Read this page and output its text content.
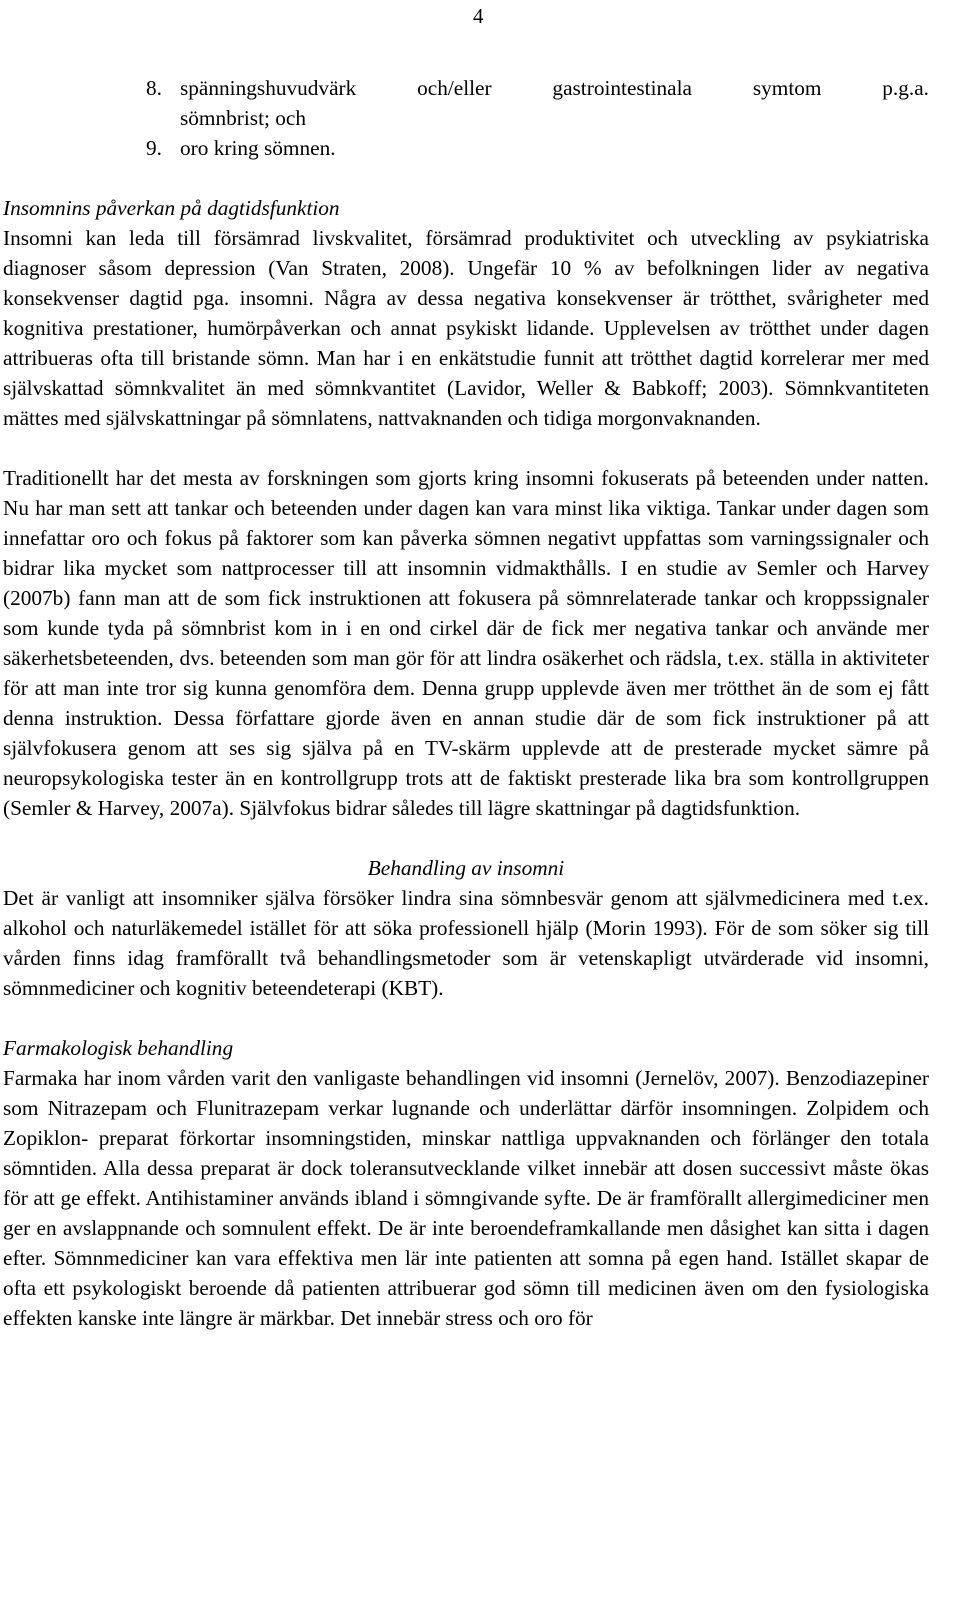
4
8. spänningshuvudvärk och/eller gastrointestinala symtom p.g.a.
sömnbrist; och
9. oro kring sömnen.
Insomnins påverkan på dagtidsfunktion

Insomni kan leda till försämrad livskvalitet, försämrad produktivitet och utveckling av psykiatriska diagnoser såsom depression (Van Straten, 2008). Ungefär 10 % av befolkningen lider av negativa konsekvenser dagtid pga. insomni. Några av dessa negativa konsekvenser är trötthet, svårigheter med kognitiva prestationer, humörpåverkan och annat psykiskt lidande. Upplevelsen av trötthet under dagen attribueras ofta till bristande sömn. Man har i en enkätstudie funnit att trötthet dagtid korrelerar mer med självskattad sömnkvalitet än med sömnkvantitet (Lavidor, Weller & Babkoff; 2003). Sömnkvantiteten mättes med självskattningar på sömnlatens, nattvaknanden och tidiga morgonvaknanden.

Traditionellt har det mesta av forskningen som gjorts kring insomni fokuserats på beteenden under natten. Nu har man sett att tankar och beteenden under dagen kan vara minst lika viktiga. Tankar under dagen som innefattar oro och fokus på faktorer som kan påverka sömnen negativt uppfattas som varningssignaler och bidrar lika mycket som nattprocesser till att insomnin vidmakthålls. I en studie av Semler och Harvey (2007b) fann man att de som fick instruktionen att fokusera på sömnrelaterade tankar och kroppssignaler som kunde tyda på sömnbrist kom in i en ond cirkel där de fick mer negativa tankar och använde mer säkerhetsbeteenden, dvs. beteenden som man gör för att lindra osäkerhet och rädsla, t.ex. ställa in aktiviteter för att man inte tror sig kunna genomföra dem. Denna grupp upplevde även mer trötthet än de som ej fått denna instruktion. Dessa författare gjorde även en annan studie där de som fick instruktioner på att självfokusera genom att ses sig själva på en TV-skärm upplevde att de presterade mycket sämre på neuropsykologiska tester än en kontrollgrupp trots att de faktiskt presterade lika bra som kontrollgruppen (Semler & Harvey, 2007a). Självfokus bidrar således till lägre skattningar på dagtidsfunktion.

Behandling av insomni

Det är vanligt att insomniker själva försöker lindra sina sömnbesvär genom att självmedicinera med t.ex. alkohol och naturläkemedel istället för att söka professionell hjälp (Morin 1993). För de som söker sig till vården finns idag framförallt två behandlingsmetoder som är vetenskapligt utvärderade vid insomni, sömnmediciner och kognitiv beteendeterapi (KBT).

Farmakologisk behandling

Farmaka har inom vården varit den vanligaste behandlingen vid insomni (Jernelöv, 2007). Benzodiazepiner som Nitrazepam och Flunitrazepam verkar lugnande och underlättar därför insomningen. Zolpidem och Zopiklon- preparat förkortar insomningstiden, minskar nattliga uppvaknanden och förlänger den totala sömntiden. Alla dessa preparat är dock toleransutvecklande vilket innebär att dosen successivt måste ökas för att ge effekt. Antihistaminer används ibland i sömngivande syfte. De är framförallt allergimediciner men ger en avslappnande och somnulent effekt. De är inte beroendeframkallande men dåsighet kan sitta i dagen efter. Sömnmediciner kan vara effektiva men lär inte patienten att somna på egen hand. Istället skapar de ofta ett psykologiskt beroende då patienten attribuerar god sömn till medicinen även om den fysiologiska effekten kanske inte längre är märkbar. Det innebär stress och oro för
